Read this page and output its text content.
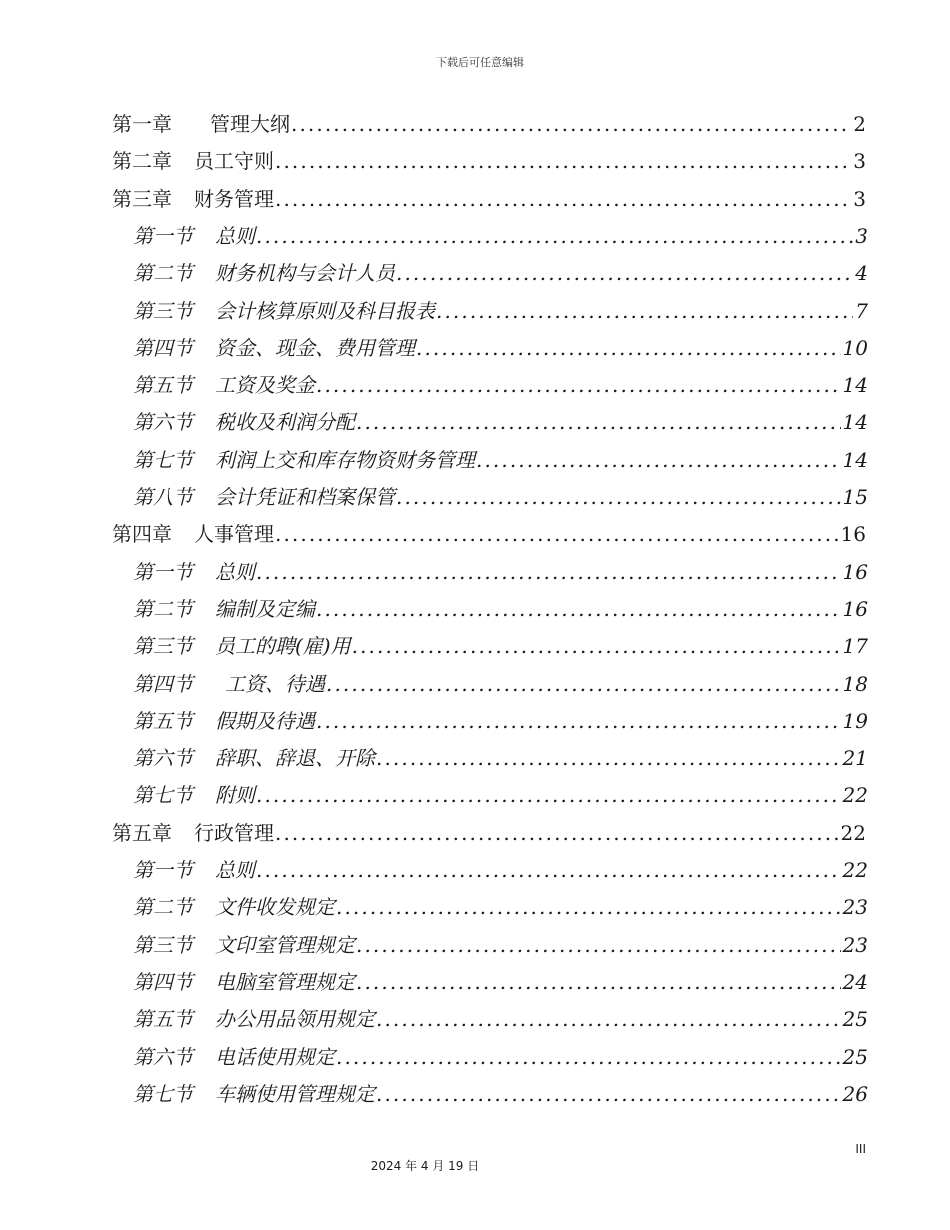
下载后可任意编辑
第一章 管理大纲 .....	2
第二章 员工守则 .....	3
第三章 财务管理 .....	3
第一节 总则 .....	3
第二节 财务机构与会计人员 .....	4
第三节 会计核算原则及科目报表 .....	7
第四节 资金、现金、费用管理 .....	10
第五节 工资及奖金 .....	14
第六节 税收及利润分配 .....	14
第七节 利润上交和库存物资财务管理 .....	14
第八节 会计凭证和档案保管 .....	15
第四章 人事管理 .....	16
第一节 总则 .....	16
第二节 编制及定编 .....	16
第三节 员工的聘(雇)用 .....	17
第四节 工资、待遇 .....	18
第五节 假期及待遇 .....	19
第六节 辞职、辞退、开除 .....	21
第七节 附则 .....	22
第五章 行政管理 .....	22
第一节 总则 .....	22
第二节 文件收发规定 .....	23
第三节 文印室管理规定 .....	23
第四节 电脑室管理规定 .....	24
第五节 办公用品领用规定 .....	25
第六节 电话使用规定 .....	25
第七节 车辆使用管理规定 .....	26
III
2024 年 4 月 19 日
